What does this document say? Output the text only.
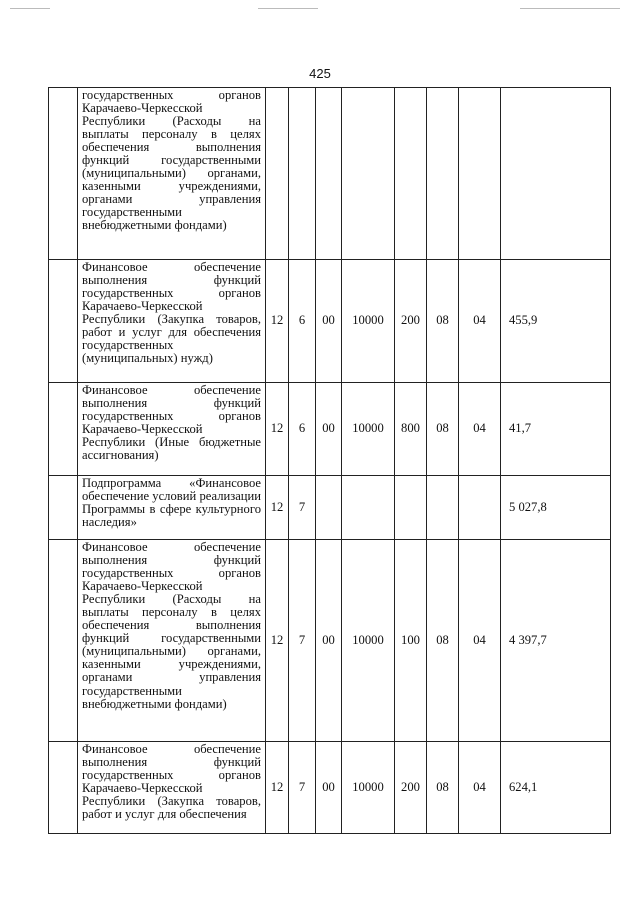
425
	государственных органов Карачаево-Черкесской Республики (Расходы на выплаты персоналу в целях обеспечения выполнения функций государственными (муниципальными) органами, казенными учреждениями, органами управления государственными внебюджетными фондами)								
	Финансовое обеспечение выполнения функций государственных органов Карачаево-Черкесской Республики (Закупка товаров, работ и услуг для обеспечения государственных (муниципальных) нужд)	12	6	00	10000	200	08	04	455,9
	Финансовое обеспечение выполнения функций государственных органов Карачаево-Черкесской Республики (Иные бюджетные ассигнования)	12	6	00	10000	800	08	04	41,7
	Подпрограмма «Финансовое обеспечение условий реализации Программы в сфере культурного наследия»	12	7						5 027,8
	Финансовое обеспечение выполнения функций государственных органов Карачаево-Черкесской Республики (Расходы на выплаты персоналу в целях обеспечения выполнения функций государственными (муниципальными) органами, казенными учреждениями, органами управления государственными внебюджетными фондами)	12	7	00	10000	100	08	04	4 397,7
	Финансовое обеспечение выполнения функций государственных органов Карачаево-Черкесской Республики (Закупка товаров, работ и услуг для обеспечения	12	7	00	10000	200	08	04	624,1
